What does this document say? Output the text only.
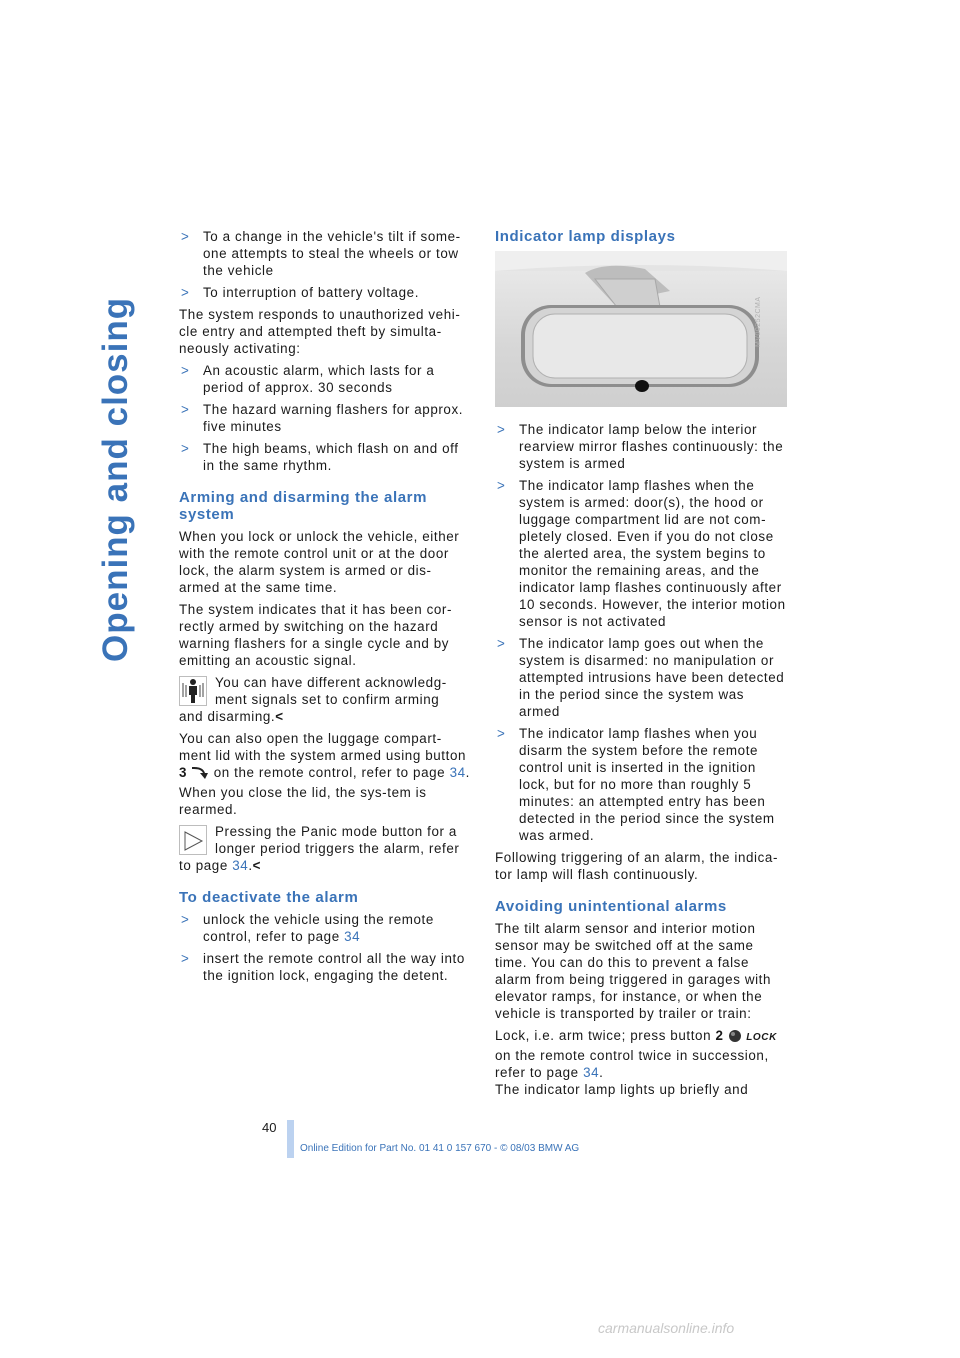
Opening and closing
> To a change in the vehicle's tilt if some-one attempts to steal the wheels or tow the vehicle
> To interruption of battery voltage.

The system responds to unauthorized vehi-cle entry and attempted theft by simulta-neously activating:

> An acoustic alarm, which lasts for a period of approx. 30 seconds
> The hazard warning flashers for approx. five minutes
> The high beams, which flash on and off in the same rhythm.
Arming and disarming the alarm system

When you lock or unlock the vehicle, either with the remote control unit or at the door lock, the alarm system is armed or dis-armed at the same time.

The system indicates that it has been cor-rectly armed by switching on the hazard warning flashers for a single cycle and by emitting an acoustic signal.

You can have different acknowledg-ment signals set to confirm arming
and disarming.<

You can also open the luggage compart-ment lid with the system armed using button 3 on the remote control, refer to page 34. When you close the lid, the sys-tem is rearmed.

Pressing the Panic mode button for a longer period triggers the alarm, refer
to page 34.<
To deactivate the alarm
> unlock the vehicle using the remote control, refer to page 34
> insert the remote control all the way into the ignition lock, engaging the detent.
Indicator lamp displays
MV00252CMA
> The indicator lamp below the interior rearview mirror flashes continuously: the system is armed
> The indicator lamp flashes when the system is armed: door(s), the hood or luggage compartment lid are not com-pletely closed. Even if you do not close the alerted area, the system begins to monitor the remaining areas, and the indicator lamp flashes continuously after 10 seconds. However, the interior motion sensor is not activated
> The indicator lamp goes out when the system is disarmed: no manipulation or attempted intrusions have been detected in the period since the system was armed
> The indicator lamp flashes when you disarm the system before the remote control unit is inserted in the ignition lock, but for no more than roughly 5 minutes: an attempted entry has been detected in the period since the system was armed.

Following triggering of an alarm, the indica-tor lamp will flash continuously.

Avoiding unintentional alarms

The tilt alarm sensor and interior motion sensor may be switched off at the same time. You can do this to prevent a false alarm from being triggered in garages with elevator ramps, for instance, or when the vehicle is transported by trailer or train:

Lock, i.e. arm twice; press button 2 LOCK on the remote control twice in succession, refer to page 34.
The indicator lamp lights up briefly and

40
Online Edition for Part No. 01 41 0 157 670 - © 08/03 BMW AG
carmanualsonline.info
